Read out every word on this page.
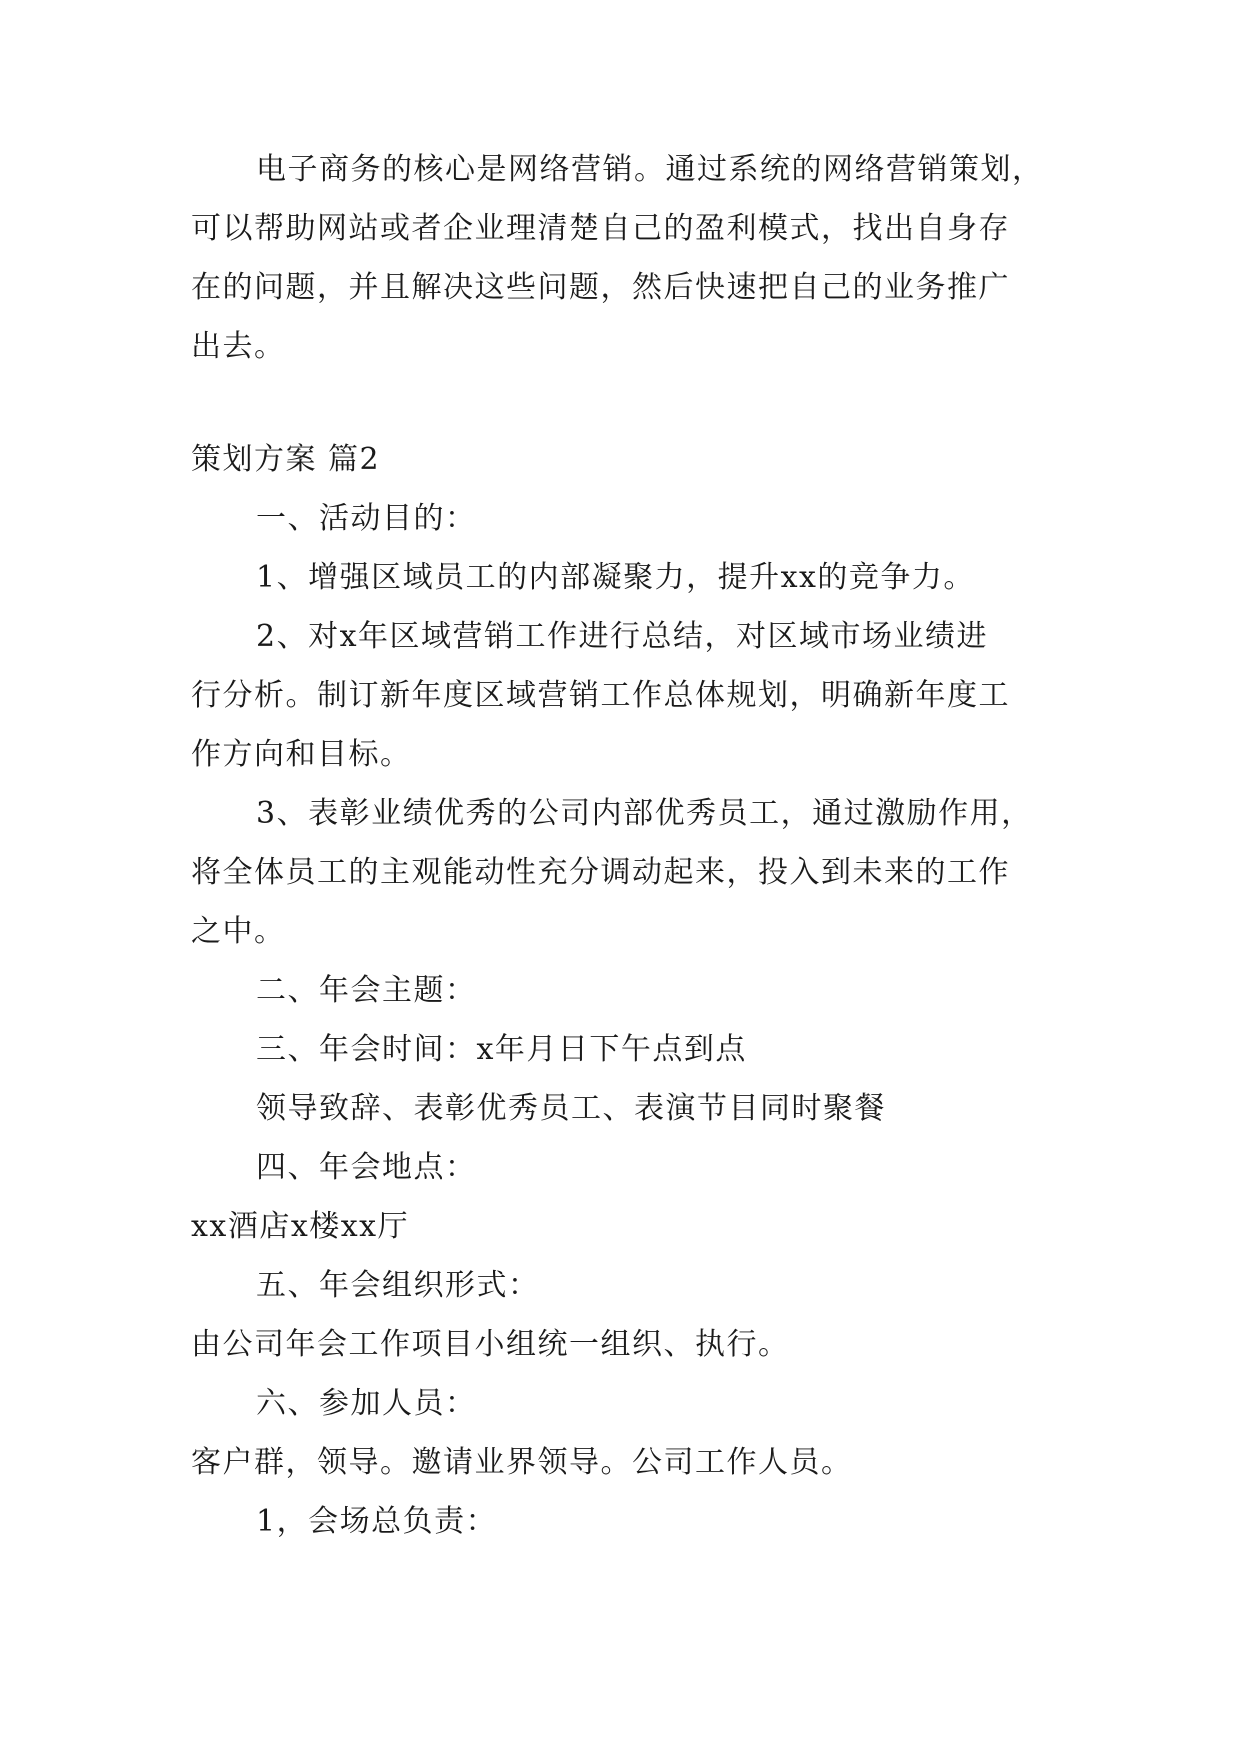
电子商务的核心是网络营销。通过系统的网络营销策划，
可以帮助网站或者企业理清楚自己的盈利模式，找出自身存
在的问题，并且解决这些问题，然后快速把自己的业务推广
出去。
策划方案 篇2
一、活动目的：
1、增强区域员工的内部凝聚力，提升xx的竞争力。
2、对x年区域营销工作进行总结，对区域市场业绩进
行分析。制订新年度区域营销工作总体规划，明确新年度工
作方向和目标。
3、表彰业绩优秀的公司内部优秀员工，通过激励作用，
将全体员工的主观能动性充分调动起来，投入到未来的工作
之中。
二、年会主题：
三、年会时间：x年月日下午点到点
领导致辞、表彰优秀员工、表演节目同时聚餐
四、年会地点：
xx酒店x楼xx厅
五、年会组织形式：
由公司年会工作项目小组统一组织、执行。
六、参加人员：
客户群，领导。邀请业界领导。公司工作人员。
1，会场总负责：
